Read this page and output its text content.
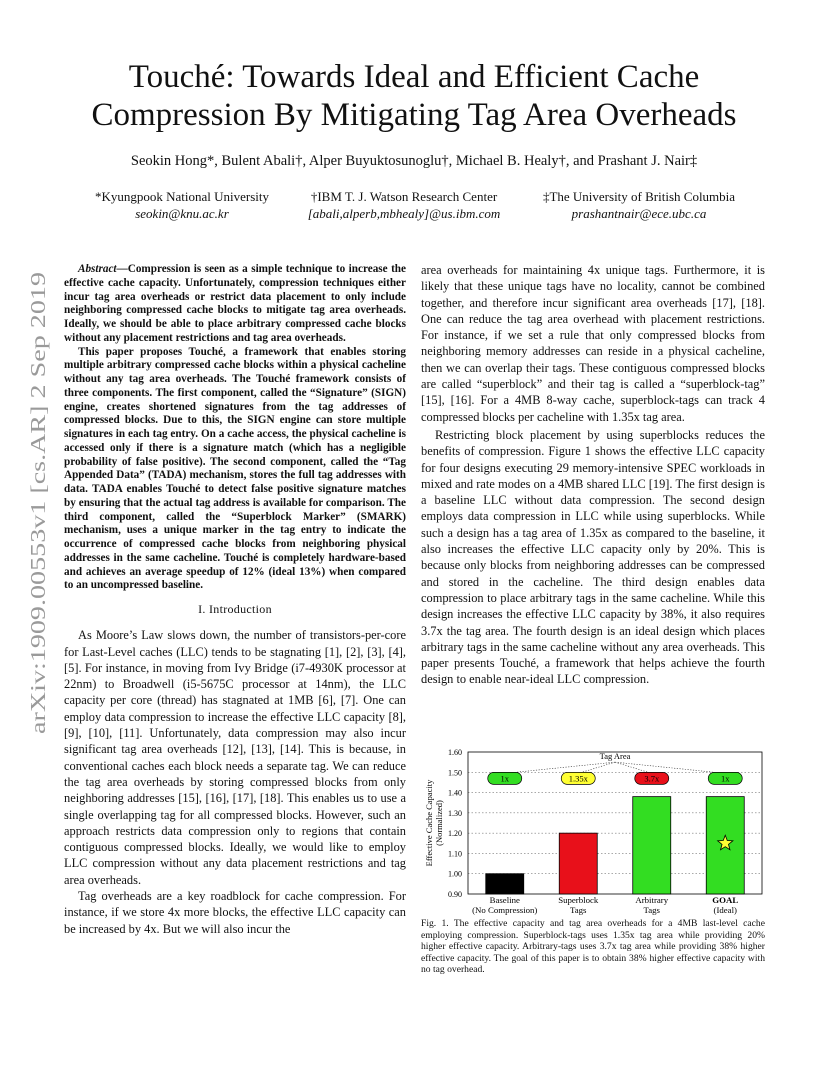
Touché: Towards Ideal and Efficient Cache Compression By Mitigating Tag Area Overheads
Seokin Hong*, Bulent Abali†, Alper Buyuktosunoglu†, Michael B. Healy†, and Prashant J. Nair‡
*Kyungpook National University
seokin@knu.ac.kr
†IBM T. J. Watson Research Center
[abali,alperb,mbhealy]@us.ibm.com
‡The University of British Columbia
prashantnair@ece.ubc.ca
arXiv:1909.00553v1 [cs.AR] 2 Sep 2019

Abstract—Compression is seen as a simple technique to increase the effective cache capacity. Unfortunately, compression techniques either incur tag area overheads or restrict data placement to only include neighboring compressed cache blocks to mitigate tag area overheads. Ideally, we should be able to place arbitrary compressed cache blocks without any placement restrictions and tag area overheads.

This paper proposes Touché, a framework that enables storing multiple arbitrary compressed cache blocks within a physical cacheline without any tag area overheads. The Touché framework consists of three components. The first component, called the “Signature” (SIGN) engine, creates shortened signatures from the tag addresses of compressed blocks. Due to this, the SIGN engine can store multiple signatures in each tag entry. On a cache access, the physical cacheline is accessed only if there is a signature match (which has a negligible probability of false positive). The second component, called the “Tag Appended Data” (TADA) mechanism, stores the full tag addresses with data. TADA enables Touché to detect false positive signature matches by ensuring that the actual tag address is available for comparison. The third component, called the “Superblock Marker” (SMARK) mechanism, uses a unique marker in the tag entry to indicate the occurrence of compressed cache blocks from neighboring physical addresses in the same cacheline. Touché is completely hardware-based and achieves an average speedup of 12% (ideal 13%) when compared to an uncompressed baseline.

I. Introduction

As Moore’s Law slows down, the number of transistors-per-core for Last-Level caches (LLC) tends to be stagnating [1], [2], [3], [4], [5]. For instance, in moving from Ivy Bridge (i7-4930K processor at 22nm) to Broadwell (i5-5675C processor at 14nm), the LLC capacity per core (thread) has stagnated at 1MB [6], [7]. One can employ data compression to increase the effective LLC capacity [8], [9], [10], [11]. Unfortunately, data compression may also incur significant tag area overheads [12], [13], [14]. This is because, in conventional caches each block needs a separate tag. We can reduce the tag area overheads by storing compressed blocks from only neighboring addresses [15], [16], [17], [18]. This enables us to use a single overlapping tag for all compressed blocks. However, such an approach restricts data compression only to regions that contain contiguous compressed blocks. Ideally, we would like to employ LLC compression without any data placement restrictions and tag area overheads.

Tag overheads are a key roadblock for cache compression. For instance, if we store 4x more blocks, the effective LLC capacity can be increased by 4x. But we will also incur the

area overheads for maintaining 4x unique tags. Furthermore, it is likely that these unique tags have no locality, cannot be combined together, and therefore incur significant area overheads [17], [18]. One can reduce the tag area overhead with placement restrictions. For instance, if we set a rule that only compressed blocks from neighboring memory addresses can reside in a physical cacheline, then we can overlap their tags. These contiguous compressed blocks are called “superblock” and their tag is called a “superblock-tag” [15], [16]. For a 4MB 8-way cache, superblock-tags can track 4 compressed blocks per cacheline with 1.35x tag area.

Restricting block placement by using superblocks reduces the benefits of compression. Figure 1 shows the effective LLC capacity for four designs executing 29 memory-intensive SPEC workloads in mixed and rate modes on a 4MB shared LLC [19]. The first design is a baseline LLC without data compression. The second design employs data compression in LLC while using superblocks. While such a design has a tag area of 1.35x as compared to the baseline, it also increases the effective LLC capacity only by 20%. This is because only blocks from neighboring addresses can be compressed and stored in the cacheline. The third design enables data compression to place arbitrary tags in the same cacheline. While this design increases the effective LLC capacity by 38%, it also requires 3.7x the tag area. The fourth design is an ideal design which places arbitrary tags in the same cacheline without any area overheads. This paper presents Touché, a framework that helps achieve the fourth design to enable near-ideal LLC compression.

0.90
1.00
1.10
1.20
1.30
1.40
1.50
1.60
Effective Cache Capacity (Normalized)
Baseline
(No Compression)
Superblock
Tags
Arbitrary
Tags
GOAL
(Ideal)
Tag Area
1x	1.35x	3.7x	1x
Fig. 1. The effective capacity and tag area overheads for a 4MB last-level cache employing compression. Superblock-tags uses 1.35x tag area while providing 20% higher effective capacity. Arbitrary-tags uses 3.7x tag area while providing 38% higher effective capacity. The goal of this paper is to obtain 38% higher effective capacity with no tag overhead.
